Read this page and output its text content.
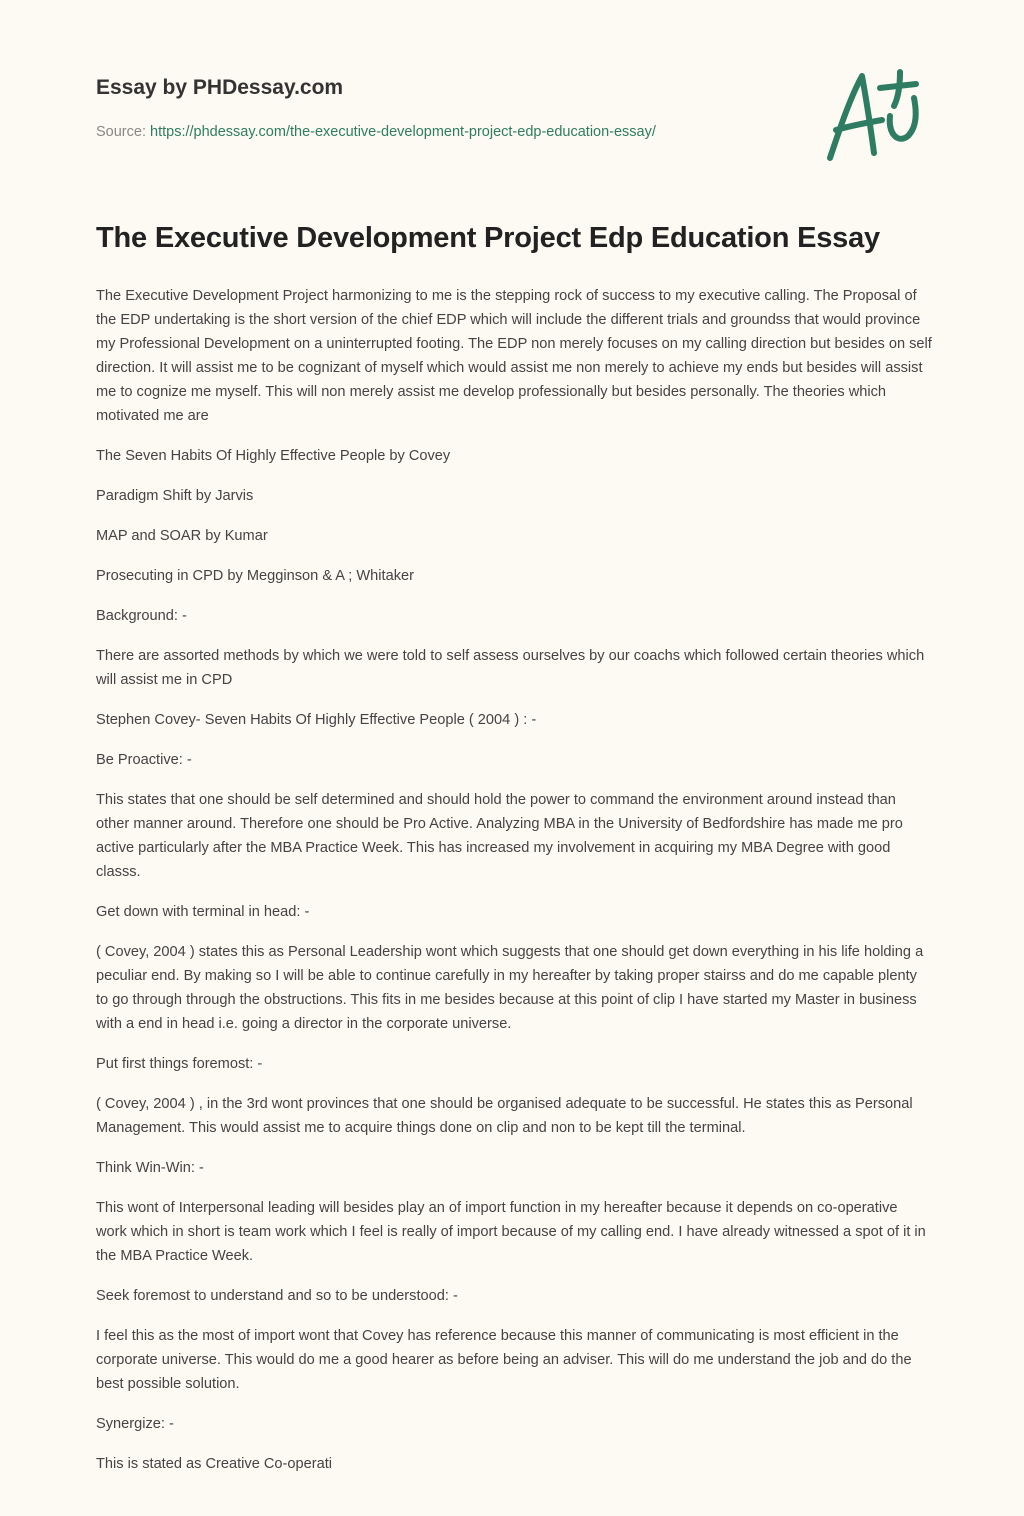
Essay by PHDessay.com
Source: https://phdessay.com/the-executive-development-project-edp-education-essay/
The Executive Development Project Edp Education Essay

The Executive Development Project harmonizing to me is the stepping rock of success to my executive calling. The Proposal of the EDP undertaking is the short version of the chief EDP which will include the different trials and groundss that would province my Professional Development on a uninterrupted footing. The EDP non merely focuses on my calling direction but besides on self direction. It will assist me to be cognizant of myself which would assist me non merely to achieve my ends but besides will assist me to cognize me myself. This will non merely assist me develop professionally but besides personally. The theories which motivated me are

The Seven Habits Of Highly Effective People by Covey

Paradigm Shift by Jarvis

MAP and SOAR by Kumar

Prosecuting in CPD by Megginson & A ; Whitaker

Background: -

There are assorted methods by which we were told to self assess ourselves by our coachs which followed certain theories which will assist me in CPD

Stephen Covey- Seven Habits Of Highly Effective People ( 2004 ) : -

Be Proactive: -

This states that one should be self determined and should hold the power to command the environment around instead than other manner around. Therefore one should be Pro Active. Analyzing MBA in the University of Bedfordshire has made me pro active particularly after the MBA Practice Week. This has increased my involvement in acquiring my MBA Degree with good classs.

Get down with terminal in head: -

( Covey, 2004 ) states this as Personal Leadership wont which suggests that one should get down everything in his life holding a peculiar end. By making so I will be able to continue carefully in my hereafter by taking proper stairss and do me capable plenty to go through through the obstructions. This fits in me besides because at this point of clip I have started my Master in business with a end in head i.e. going a director in the corporate universe.

Put first things foremost: -

( Covey, 2004 ) , in the 3rd wont provinces that one should be organised adequate to be successful. He states this as Personal Management. This would assist me to acquire things done on clip and non to be kept till the terminal.

Think Win-Win: -

This wont of Interpersonal leading will besides play an of import function in my hereafter because it depends on co-operative work which in short is team work which I feel is really of import because of my calling end. I have already witnessed a spot of it in the MBA Practice Week.

Seek foremost to understand and so to be understood: -

I feel this as the most of import wont that Covey has reference because this manner of communicating is most efficient in the corporate universe. This would do me a good hearer as before being an adviser. This will do me understand the job and do the best possible solution.

Synergize: -

This is stated as Creative Co-operati
